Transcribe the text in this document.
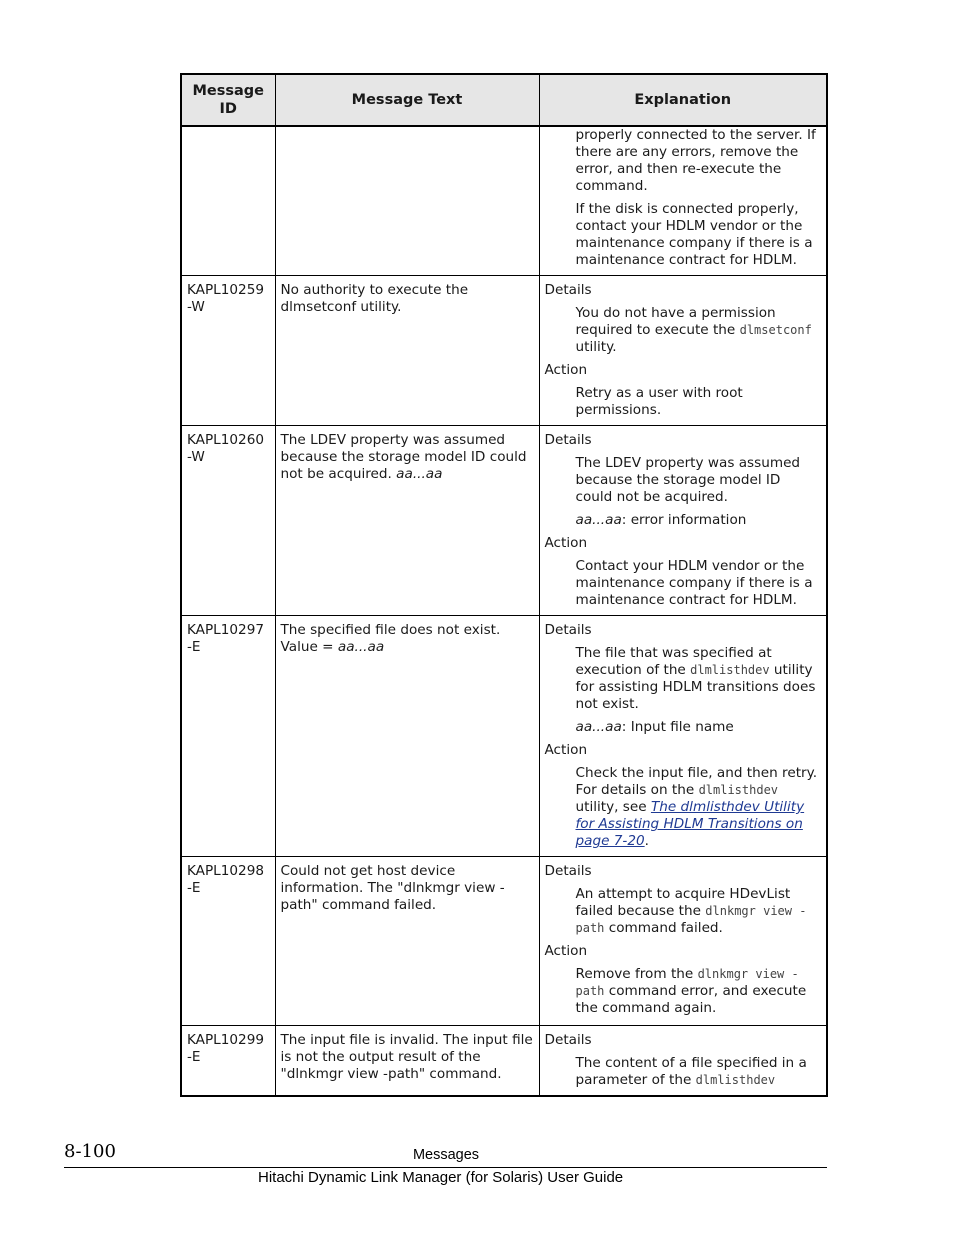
Message ID	Message Text	Explanation

		properly connected to the server. If there are any errors, remove the error, and then re-execute the command.

If the disk is connected properly, contact your HDLM vendor or the maintenance company if there is a maintenance contract for HDLM.

KAPL10259 -W	No authority to execute the dlmsetconf utility.	Details

You do not have a permission required to execute the dlmsetconf utility.

Action

Retry as a user with root permissions.

KAPL10260 -W	The LDEV property was assumed because the storage model ID could not be acquired. aa...aa	Details

The LDEV property was assumed because the storage model ID could not be acquired.

aa...aa: error information

Action

Contact your HDLM vendor or the maintenance company if there is a maintenance contract for HDLM.

KAPL10297 -E	The specified file does not exist. Value = aa...aa	Details

The file that was specified at execution of the dlmlisthdev utility for assisting HDLM transitions does not exist.

aa...aa: Input file name

Action

Check the input file, and then retry. For details on the dlmlisthdev utility, see The dlmlisthdev Utility for Assisting HDLM Transitions on page 7-20.

KAPL10298 -E	Could not get host device information. The "dlnkmgr view -path" command failed.	Details

An attempt to acquire HDevList failed because the dlnkmgr view -path command failed.

Action

Remove from the dlnkmgr view -path command error, and execute the command again.

KAPL10299 -E	The input file is invalid. The input file is not the output result of the "dlnkmgr view -path" command.	Details

The content of a file specified in a parameter of the dlmlisthdev

8-100	Messages
Hitachi Dynamic Link Manager (for Solaris) User Guide
